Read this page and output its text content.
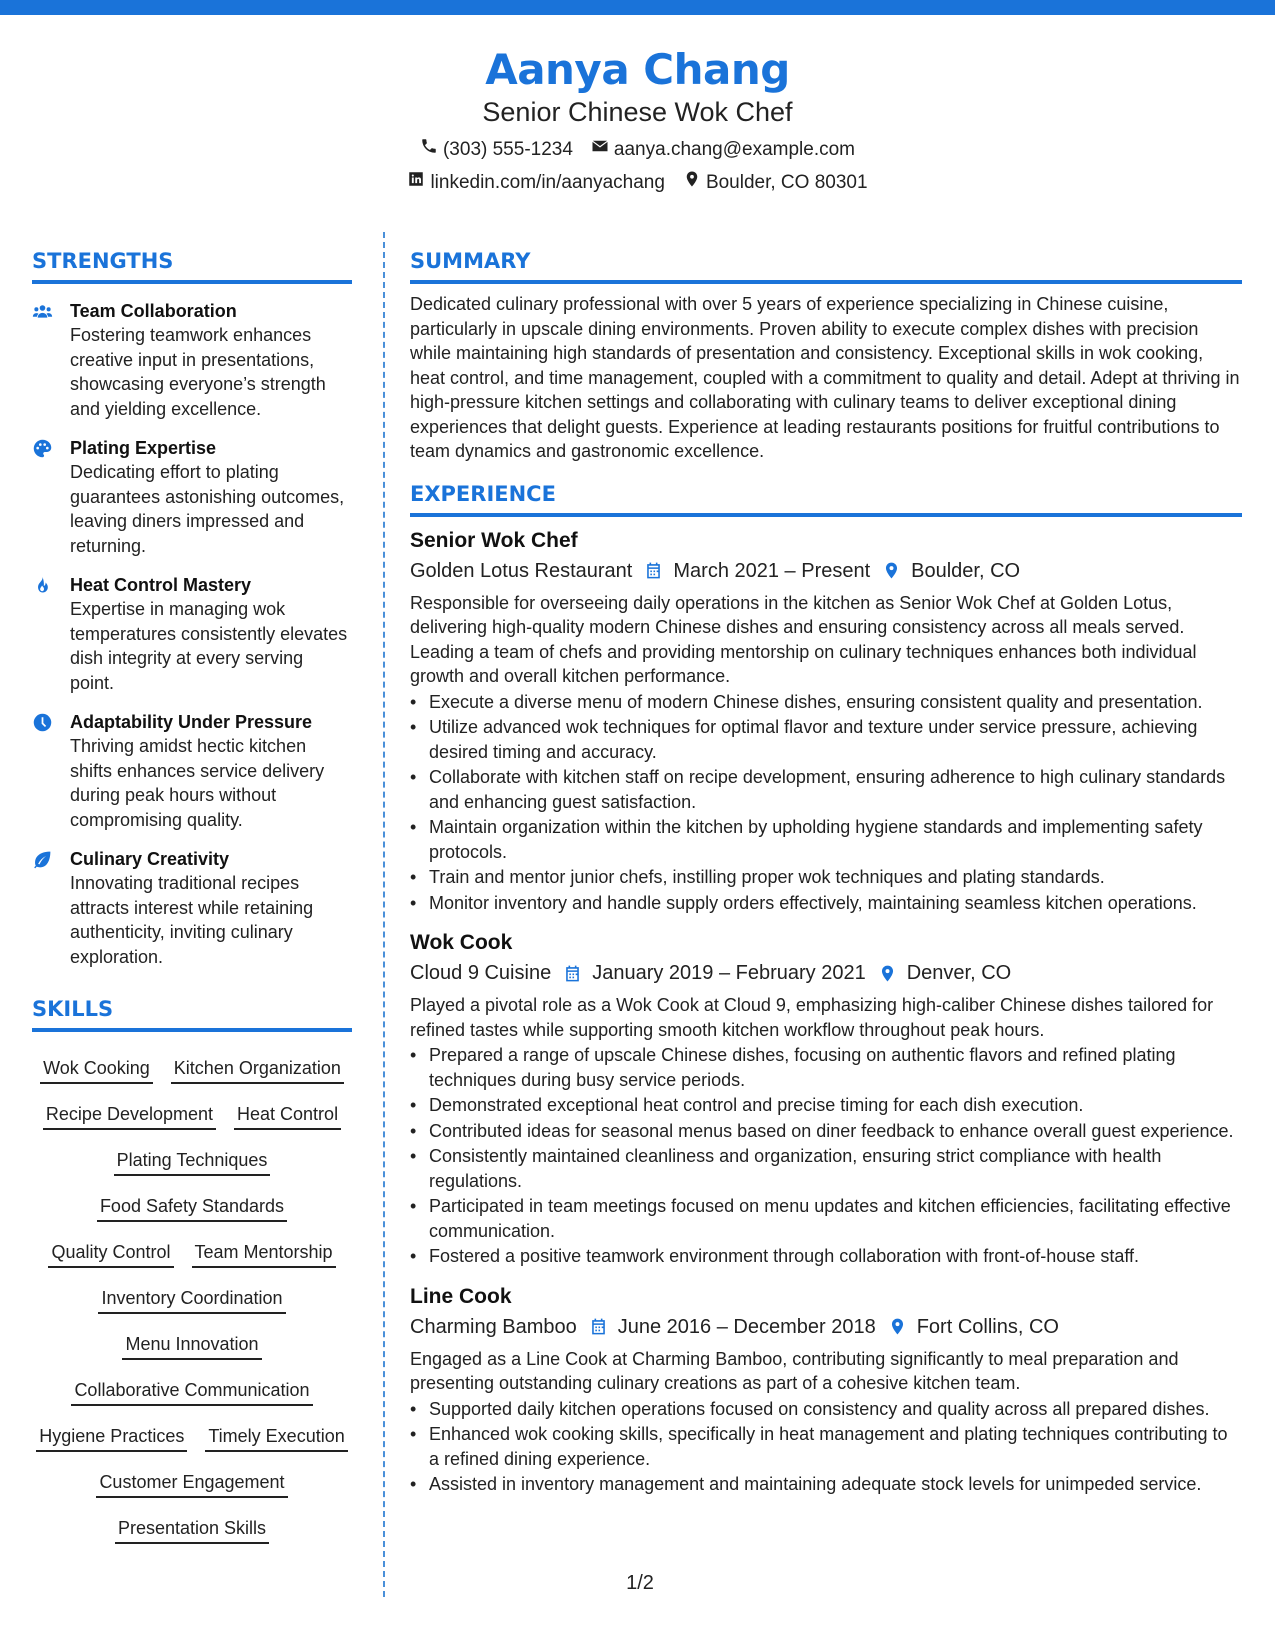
Aanya Chang
Senior Chinese Wok Chef
(303) 555-1234 aanya.chang@example.com
linkedin.com/in/aanyachang Boulder, CO 80301
STRENGTHS
Team Collaboration
Fostering teamwork enhances creative input in presentations, showcasing everyone’s strength and yielding excellence.
Plating Expertise
Dedicating effort to plating guarantees astonishing outcomes, leaving diners impressed and returning.
Heat Control Mastery
Expertise in managing wok temperatures consistently elevates dish integrity at every serving point.
Adaptability Under Pressure
Thriving amidst hectic kitchen shifts enhances service delivery during peak hours without compromising quality.
Culinary Creativity
Innovating traditional recipes attracts interest while retaining authenticity, inviting culinary exploration.
SKILLS
Wok Cooking Kitchen Organization
Recipe Development Heat Control
Plating Techniques
Food Safety Standards
Quality Control Team Mentorship
Inventory Coordination
Menu Innovation
Collaborative Communication
Hygiene Practices Timely Execution
Customer Engagement
Presentation Skills
SUMMARY
Dedicated culinary professional with over 5 years of experience specializing in Chinese cuisine, particularly in upscale dining environments. Proven ability to execute complex dishes with precision while maintaining high standards of presentation and consistency. Exceptional skills in wok cooking, heat control, and time management, coupled with a commitment to quality and detail. Adept at thriving in high-pressure kitchen settings and collaborating with culinary teams to deliver exceptional dining experiences that delight guests. Experience at leading restaurants positions for fruitful contributions to team dynamics and gastronomic excellence.
EXPERIENCE
Senior Wok Chef
Golden Lotus Restaurant March 2021 – Present Boulder, CO
Responsible for overseeing daily operations in the kitchen as Senior Wok Chef at Golden Lotus, delivering high-quality modern Chinese dishes and ensuring consistency across all meals served. Leading a team of chefs and providing mentorship on culinary techniques enhances both individual growth and overall kitchen performance.
• Execute a diverse menu of modern Chinese dishes, ensuring consistent quality and presentation.
• Utilize advanced wok techniques for optimal flavor and texture under service pressure, achieving desired timing and accuracy.
• Collaborate with kitchen staff on recipe development, ensuring adherence to high culinary standards and enhancing guest satisfaction.
• Maintain organization within the kitchen by upholding hygiene standards and implementing safety protocols.
• Train and mentor junior chefs, instilling proper wok techniques and plating standards.
• Monitor inventory and handle supply orders effectively, maintaining seamless kitchen operations.
Wok Cook
Cloud 9 Cuisine January 2019 – February 2021 Denver, CO
Played a pivotal role as a Wok Cook at Cloud 9, emphasizing high-caliber Chinese dishes tailored for refined tastes while supporting smooth kitchen workflow throughout peak hours.
• Prepared a range of upscale Chinese dishes, focusing on authentic flavors and refined plating techniques during busy service periods.
• Demonstrated exceptional heat control and precise timing for each dish execution.
• Contributed ideas for seasonal menus based on diner feedback to enhance overall guest experience.
• Consistently maintained cleanliness and organization, ensuring strict compliance with health regulations.
• Participated in team meetings focused on menu updates and kitchen efficiencies, facilitating effective communication.
• Fostered a positive teamwork environment through collaboration with front-of-house staff.
Line Cook
Charming Bamboo June 2016 – December 2018 Fort Collins, CO
Engaged as a Line Cook at Charming Bamboo, contributing significantly to meal preparation and presenting outstanding culinary creations as part of a cohesive kitchen team.
• Supported daily kitchen operations focused on consistency and quality across all prepared dishes.
• Enhanced wok cooking skills, specifically in heat management and plating techniques contributing to a refined dining experience.
• Assisted in inventory management and maintaining adequate stock levels for unimpeded service.
1/2
